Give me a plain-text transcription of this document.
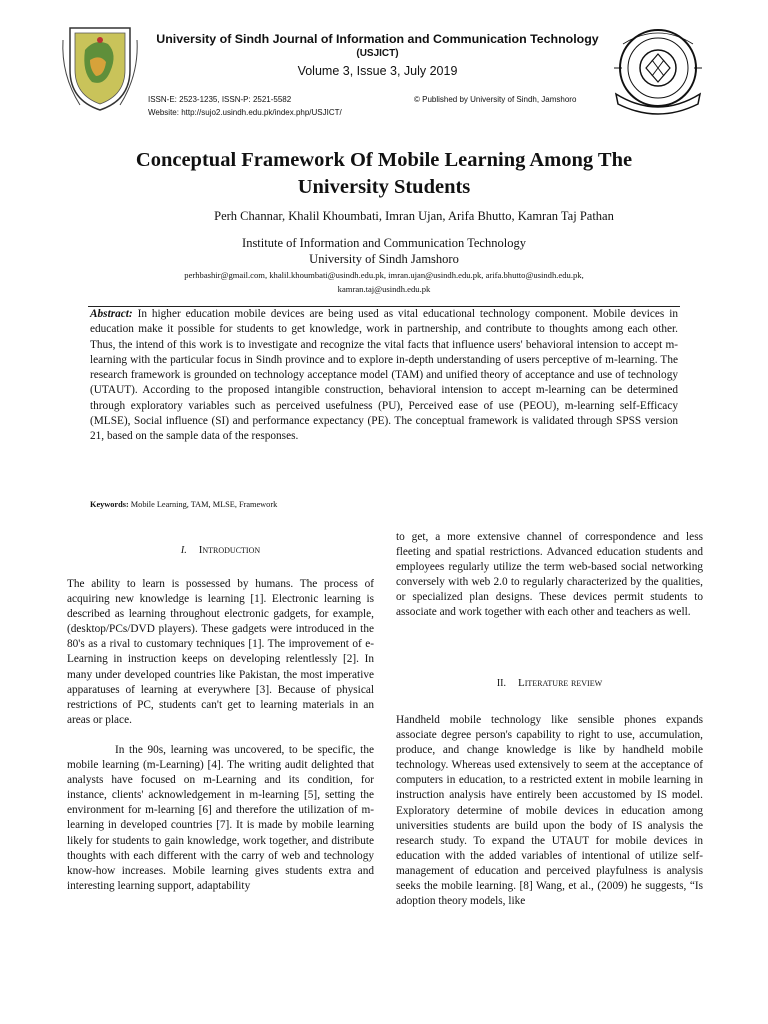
University of Sindh Journal of Information and Communication Technology
(USJICT)
Volume 3, Issue 3, July 2019
ISSN-E: 2523-1235, ISSN-P: 2521-5582
Website: http://sujo2.usindh.edu.pk/index.php/USJICT/
© Published by University of Sindh, Jamshoro
Conceptual Framework Of Mobile Learning Among The University Students
Perh Channar, Khalil Khoumbati, Imran Ujan, Arifa Bhutto, Kamran Taj Pathan
Institute of Information and Communication Technology
University of Sindh Jamshoro
perhbashir@gmail.com, khalil.khoumbati@usindh.edu.pk, imran.ujan@usindh.edu.pk, arifa.bhutto@usindh.edu.pk,
kamran.taj@usindh.edu.pk
Abstract: In higher education mobile devices are being used as vital educational technology component. Mobile devices in education make it possible for students to get knowledge, work in partnership, and contribute to thoughts among each other. Thus, the intend of this work is to investigate and recognize the vital facts that influence users' behavioral intension to accept m-learning with the particular focus in Sindh province and to explore in-depth understanding of users perceptive of m-learning. The research framework is grounded on technology acceptance model (TAM) and unified theory of acceptance and use of technology (UTAUT). According to the proposed intangible construction, behavioral intension to accept m-learning can be determined through exploratory variables such as perceived usefulness (PU), Perceived ease of use (PEOU), m-learning self-Efficacy (MLSE), Social influence (SI) and performance expectancy (PE). The conceptual framework is validated through SPSS version 21, based on the sample data of the responses.
Keywords: Mobile Learning, TAM, MLSE, Framework
I. Introduction

The ability to learn is possessed by humans. The process of acquiring new knowledge is learning [1]. Electronic learning is described as learning throughout electronic gadgets, for example, (desktop/PCs/DVD players). These gadgets were introduced in the 80's as a rival to customary techniques [1]. The improvement of e-Learning in instruction keeps on developing relentlessly [2]. In many under developed countries like Pakistan, the most imperative apparatuses of learning at everywhere [3]. Because of physical restrictions of PC, students can't get to learning materials in an areas or place.

In the 90s, learning was uncovered, to be specific, the mobile learning (m-Learning) [4]. The writing audit delighted that analysts have focused on m-Learning and its condition, for instance, clients' acknowledgement in m-learning [5], setting the environment for m-learning [6] and therefore the utilization of m-learning in developed countries [7]. It is made by mobile learning likely for students to gain knowledge, work together, and distribute thoughts with each different with the carry of web and technology know-how increases. Mobile learning gives students extra and interesting learning support, adaptability

to get, a more extensive channel of correspondence and less fleeting and spatial restrictions. Advanced education students and employees regularly utilize the term web-based social networking conversely with web 2.0 to regularly characterized by the qualities, or specialized plan designs. These devices permit students to associate and work together with each other and teachers as well.

II. Literature review

Handheld mobile technology like sensible phones expands associate degree person's capability to right to use, accumulation, produce, and change knowledge is like by handheld mobile technology. Whereas used extensively to seem at the acceptance of computers in education, to a restricted extent in mobile learning in instruction analysis have entirely been accustomed by IS model. Exploratory determine of mobile devices in education among universities students are build upon the body of IS analysis the research study. To expand the UTAUT for mobile devices in education with the added variables of intentional of utilize self-management of education and perceived playfulness is analysis seeks the mobile learning. [8] Wang, et al., (2009) he suggests, “Is adoption theory models, like
